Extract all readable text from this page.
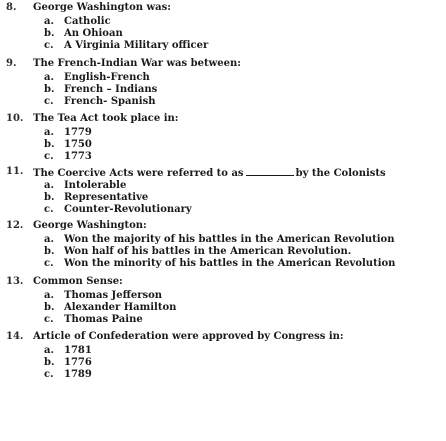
8. George Washington was:
a. Catholic
b. An Ohioan
c. A Virginia Military officer
9. The French-Indian War was between:
a. English-French
b. French – Indians
c. French- Spanish
10. The Tea Act took place in:
a. 1779
b. 1750
c. 1773
11. The Coercive Acts were referred to as	by the Colonists
a. Intolerable
b. Representative
c. Counter-Revolutionary
12. George Washington:
a. Won the majority of his battles in the American Revolution
b. Won half of his battles in the American Revolution.
c. Won the minority of his battles in the American Revolution
13. Common Sense:
a. Thomas Jefferson
b. Alexander Hamilton
c. Thomas Paine
14. Article of Confederation were approved by Congress in:
a. 1781
b. 1776
c. 1789
